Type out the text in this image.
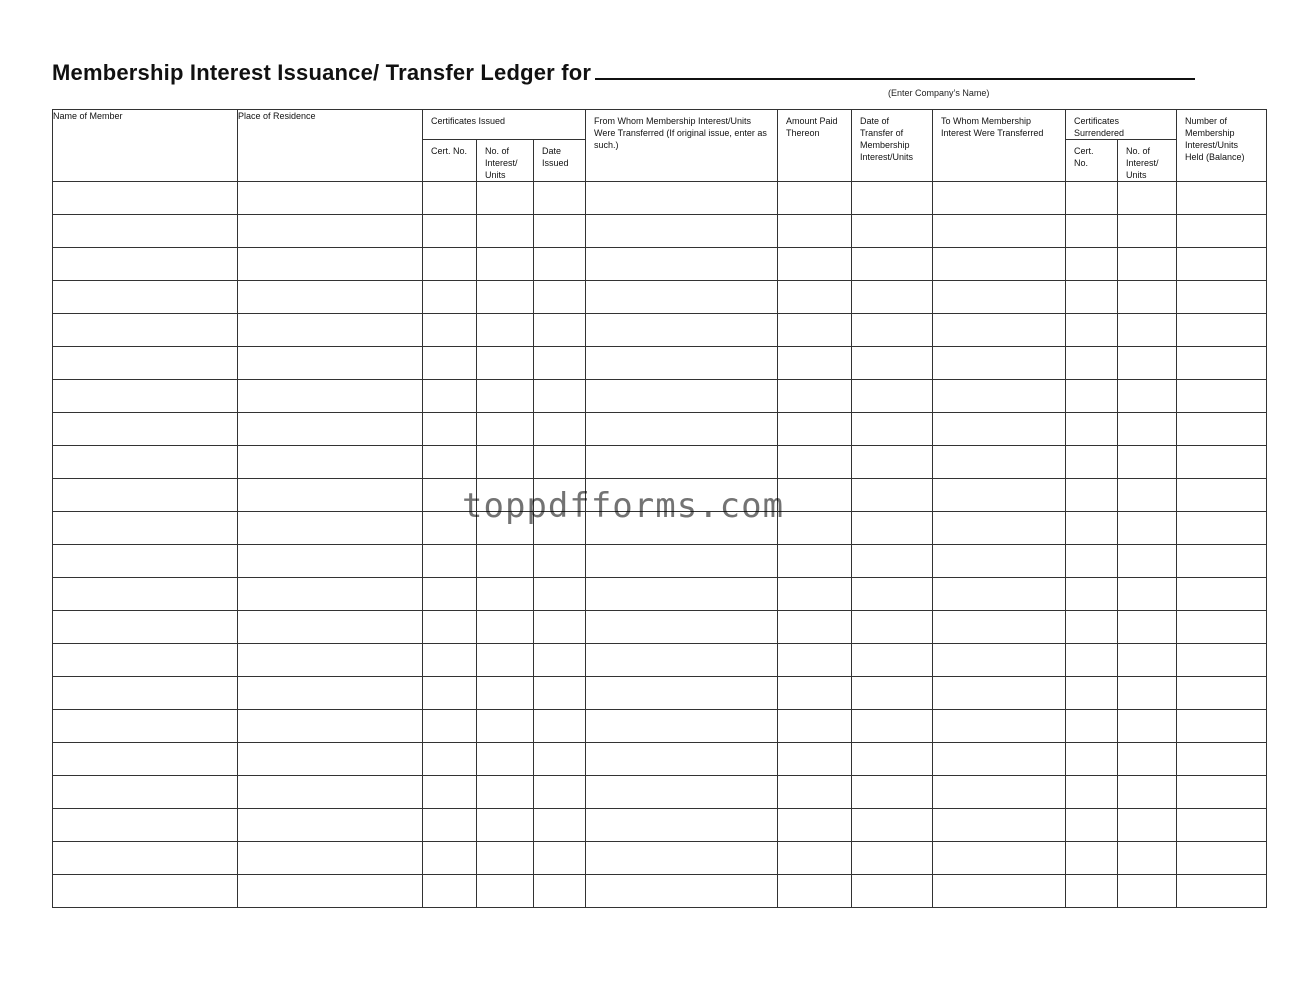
Membership Interest Issuance/ Transfer Ledger for
(Enter Company’s Name)
Name of Member	Place of Residence	Certificates Issued			From Whom Membership Interest/Units Were Transferred (If original issue, enter as such.)	Amount Paid Thereon	Date of Transfer of Membership Interest/Units	To Whom Membership Interest Were Transferred	Certificates Surrendered		Number of Membership Interest/Units Held (Balance)

		Cert. No.	No. of Interest/ Units	Date Issued					Cert. No.	No. of Interest/ Units	

toppdfforms.com
